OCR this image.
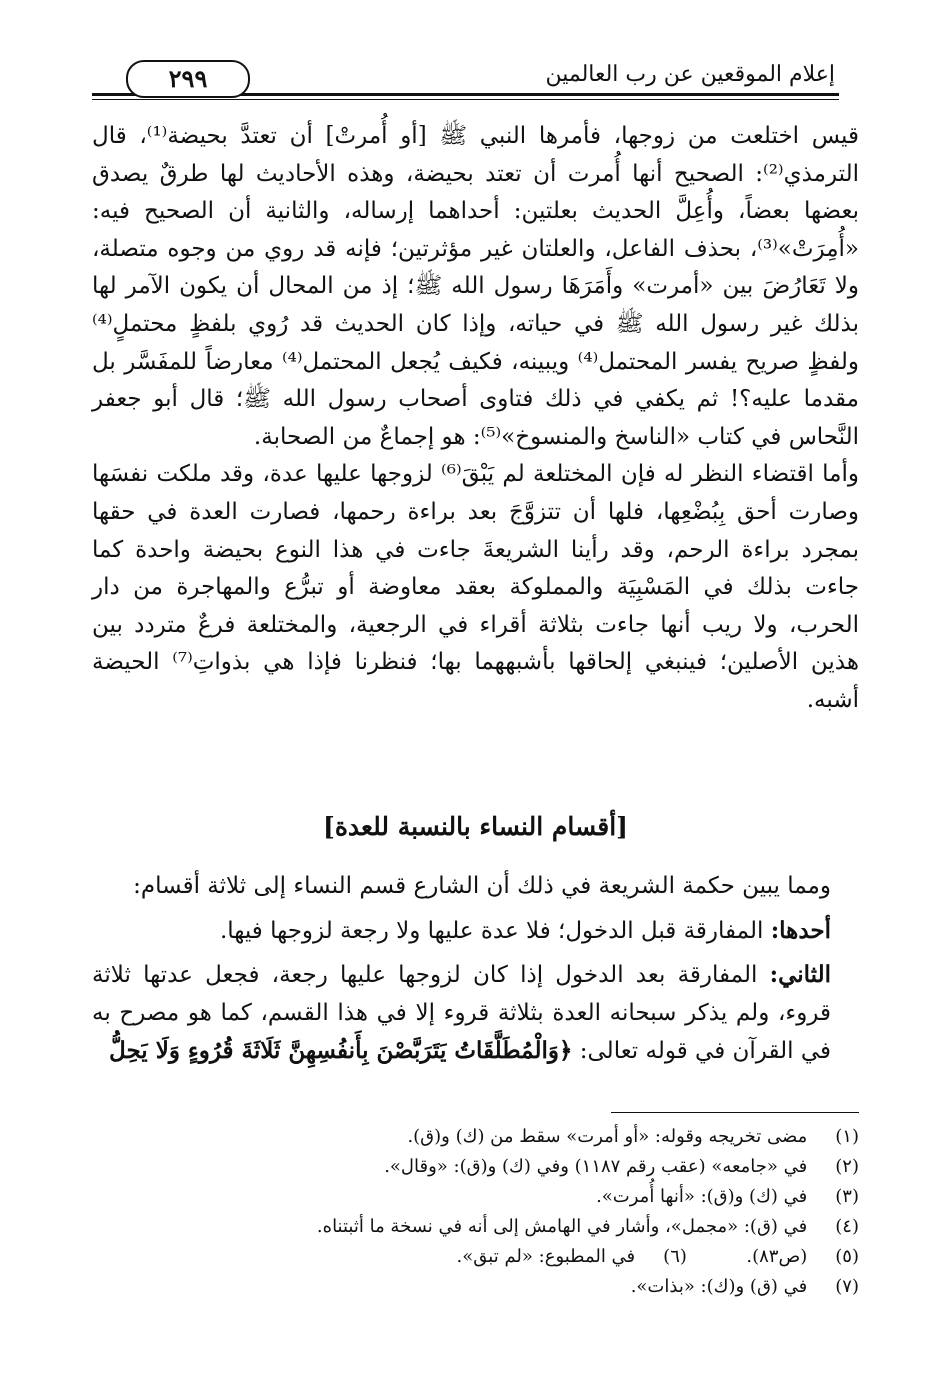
إعلام الموقعين عن رب العالمين
٢٩٩

قيس اختلعت من زوجها، فأمرها النبي ﷺ [أو أُمرتْ] أن تعتدَّ بحيضة⁽¹⁾، قال الترمذي⁽²⁾: الصحيح أنها أُمرت أن تعتد بحيضة، وهذه الأحاديث لها طرقٌ يصدق بعضها بعضاً، وأُعِلَّ الحديث بعلتين: أحداهما إرساله، والثانية أن الصحيح فيه: «أُمِرَتْ»⁽³⁾، بحذف الفاعل، والعلتان غير مؤثرتين؛ فإنه قد روي من وجوه متصلة، ولا تَعَارُضَ بين «أمرت» وأَمَرَهَا رسول الله ﷺ؛ إذ من المحال أن يكون الآمر لها بذلك غير رسول الله ﷺ في حياته، وإذا كان الحديث قد رُوي بلفظٍ محتملٍ⁽⁴⁾ ولفظٍ صريح يفسر المحتمل⁽⁴⁾ ويبينه، فكيف يُجعل المحتمل⁽⁴⁾ معارضاً للمفَسَّر بل مقدما عليه؟! ثم يكفي في ذلك فتاوى أصحاب رسول الله ﷺ؛ قال أبو جعفر النَّحاس في كتاب «الناسخ والمنسوخ»⁽⁵⁾: هو إجماعٌ من الصحابة.

وأما اقتضاء النظر له فإن المختلعة لم يَبْقَ⁽⁶⁾ لزوجها عليها عدة، وقد ملكت نفسَها وصارت أحق بِبُضْعِها، فلها أن تتزوَّجَ بعد براءة رحمها، فصارت العدة في حقها بمجرد براءة الرحم، وقد رأينا الشريعةَ جاءت في هذا النوع بحيضة واحدة كما جاءت بذلك في المَسْبِيَة والمملوكة بعقد معاوضة أو تبرُّع والمهاجرة من دار الحرب، ولا ريب أنها جاءت بثلاثة أقراء في الرجعية، والمختلعة فرعٌ متردد بين هذين الأصلين؛ فينبغي إلحاقها بأشبههما بها؛ فنظرنا فإذا هي بذواتِ⁽⁷⁾ الحيضة أشبه.

[أقسام النساء بالنسبة للعدة]

ومما يبين حكمة الشريعة في ذلك أن الشارع قسم النساء إلى ثلاثة أقسام:

أحدها: المفارقة قبل الدخول؛ فلا عدة عليها ولا رجعة لزوجها فيها.

الثاني: المفارقة بعد الدخول إذا كان لزوجها عليها رجعة، فجعل عدتها ثلاثة قروء، ولم يذكر سبحانه العدة بثلاثة قروء إلا في هذا القسم، كما هو مصرح به في القرآن في قوله تعالى: ﴿وَالْمُطَلَّقَاتُ يَتَرَبَّصْنَ بِأَنفُسِهِنَّ ثَلَاثَةَ قُرُوءٍ وَلَا يَحِلُّ

(١) مضى تخريجه وقوله: «أو أمرت» سقط من (ك) و(ق).
(٢) في «جامعه» (عقب رقم ١١٨٧) وفي (ك) و(ق): «وقال».
(٣) في (ك) و(ق): «أنها أُمرت».
(٤) في (ق): «مجمل»، وأشار في الهامش إلى أنه في نسخة ما أثبتناه.
(٥) (ص٨٣).  (٦) في المطبوع: «لم تبق».
(٧) في (ق) و(ك): «بذات».
